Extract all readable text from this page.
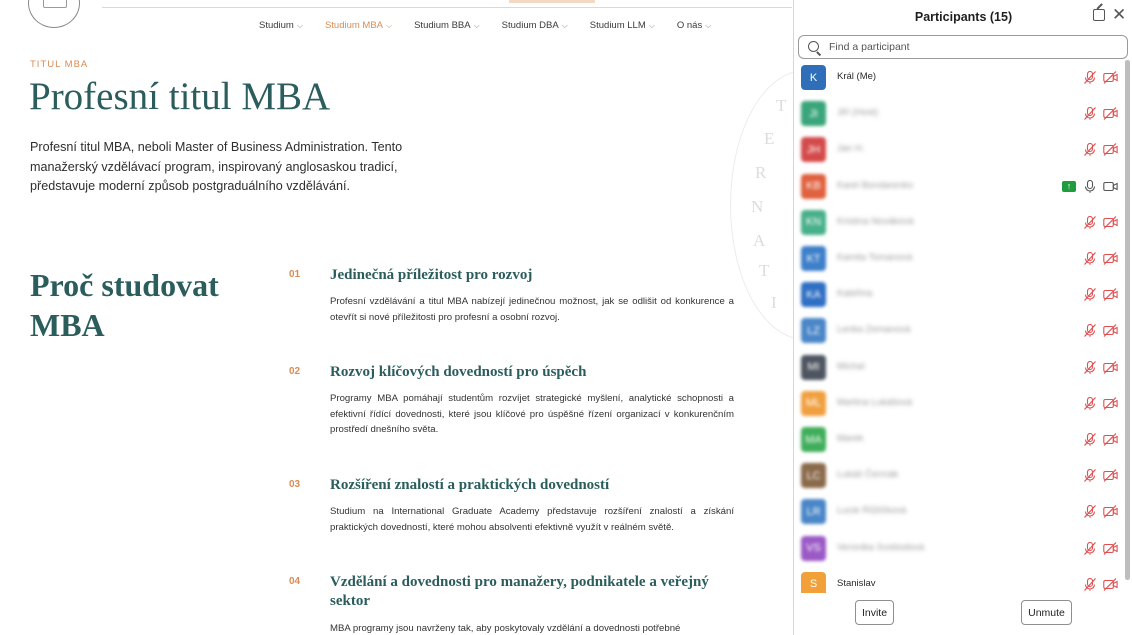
Studium ⌵ Studium MBA ⌵ Studium BBA ⌵ Studium DBA ⌵ Studium LLM ⌵ O nás ⌵
TITUL MBA
Profesní titul MBA

Profesní titul MBA, neboli Master of Business Administration. Tento manažerský vzdělávací program, inspirovaný anglosaskou tradicí, představuje moderní způsob postgraduálního vzdělávání.

T
E
R
N
A
T
I
Proč studovat MBA
01 Jedinečná příležitost pro rozvoj

Profesní vzdělávání a titul MBA nabízejí jedinečnou možnost, jak se odlišit od konkurence a otevřít si nové příležitosti pro profesní a osobní rozvoj.

02 Rozvoj klíčových dovedností pro úspěch

Programy MBA pomáhají studentům rozvíjet strategické myšlení, analytické schopnosti a efektivní řídící dovednosti, které jsou klíčové pro úspěšné řízení organizací v konkurenčním prostředí dnešního světa.

03 Rozšíření znalostí a praktických dovedností

Studium na International Graduate Academy představuje rozšíření znalostí a získání praktických dovedností, které mohou absolventi efektivně využít v reálném světě.

04 Vzdělání a dovednosti pro manažery, podnikatele a veřejný sektor

MBA programy jsou navrženy tak, aby poskytovaly vzdělání a dovednosti potřebné

Participants (15)	✕
Find a participant
K	Král (Me)
JI	Jiří (Host)
JH	Jan H.
KB	Karel Bondarenko	↑
KN	Kristina Nováková
KT	Kamila Tomanová
KA	Kateřina
LZ	Lenka Zemanová
MI	Michal
ML	Martina Lukášová
MA	Marek
LC	Lukáš Čermák
LR	Lucie Růžičková
VS	Veronika Svobodová
S	Stanislav
Invite	Unmute
